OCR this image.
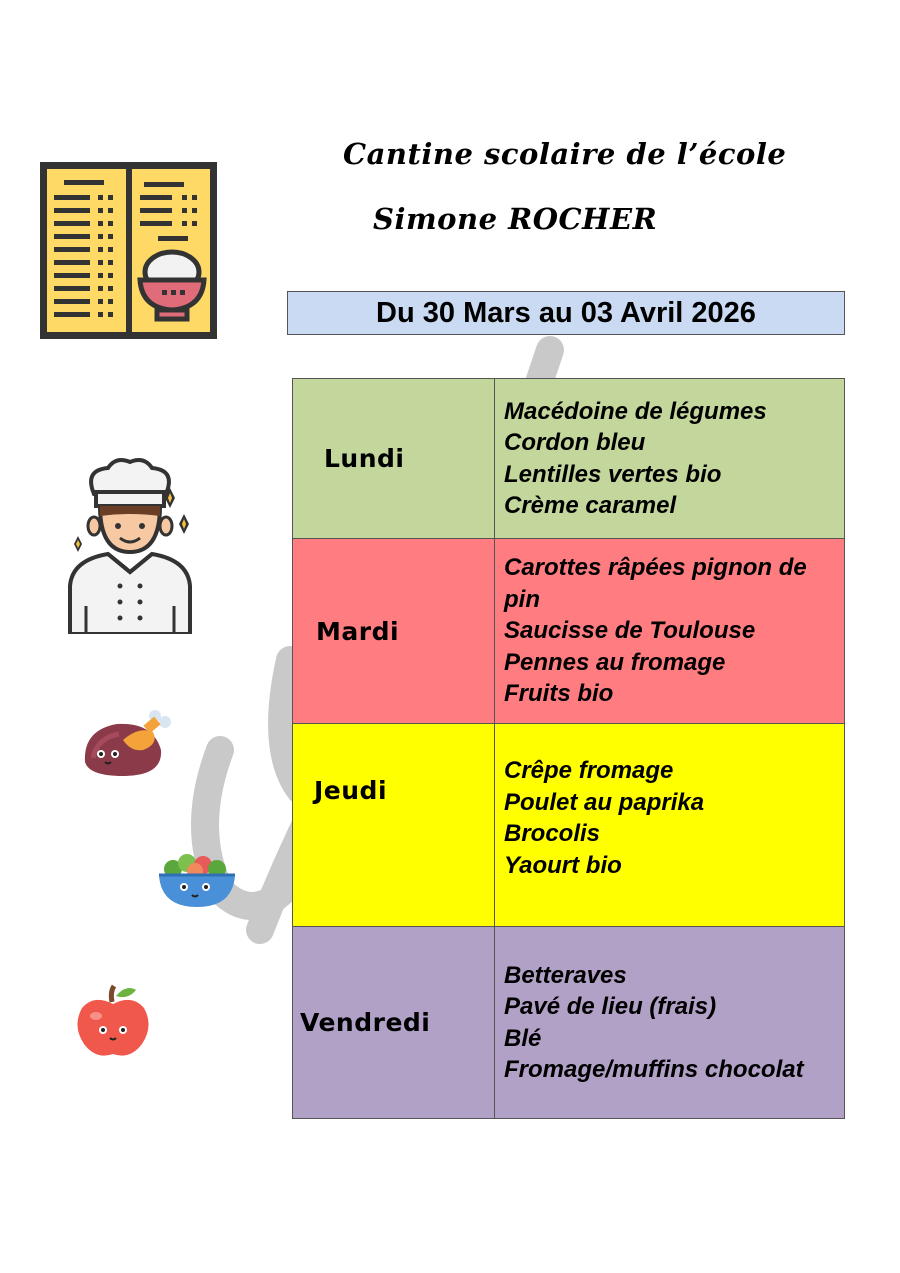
Cantine scolaire de l’école
Simone ROCHER
Du 30 Mars au 03 Avril 2026
Lundi	Macédoine de légumes
Cordon bleu
Lentilles vertes bio
Crème caramel

Mardi	Carottes râpées pignon de pin
Saucisse de Toulouse
Pennes au fromage
Fruits bio

Jeudi	Crêpe fromage
Poulet au paprika
Brocolis
Yaourt bio

Vendredi	Betteraves
Pavé de lieu (frais)
Blé
Fromage/muffins chocolat
